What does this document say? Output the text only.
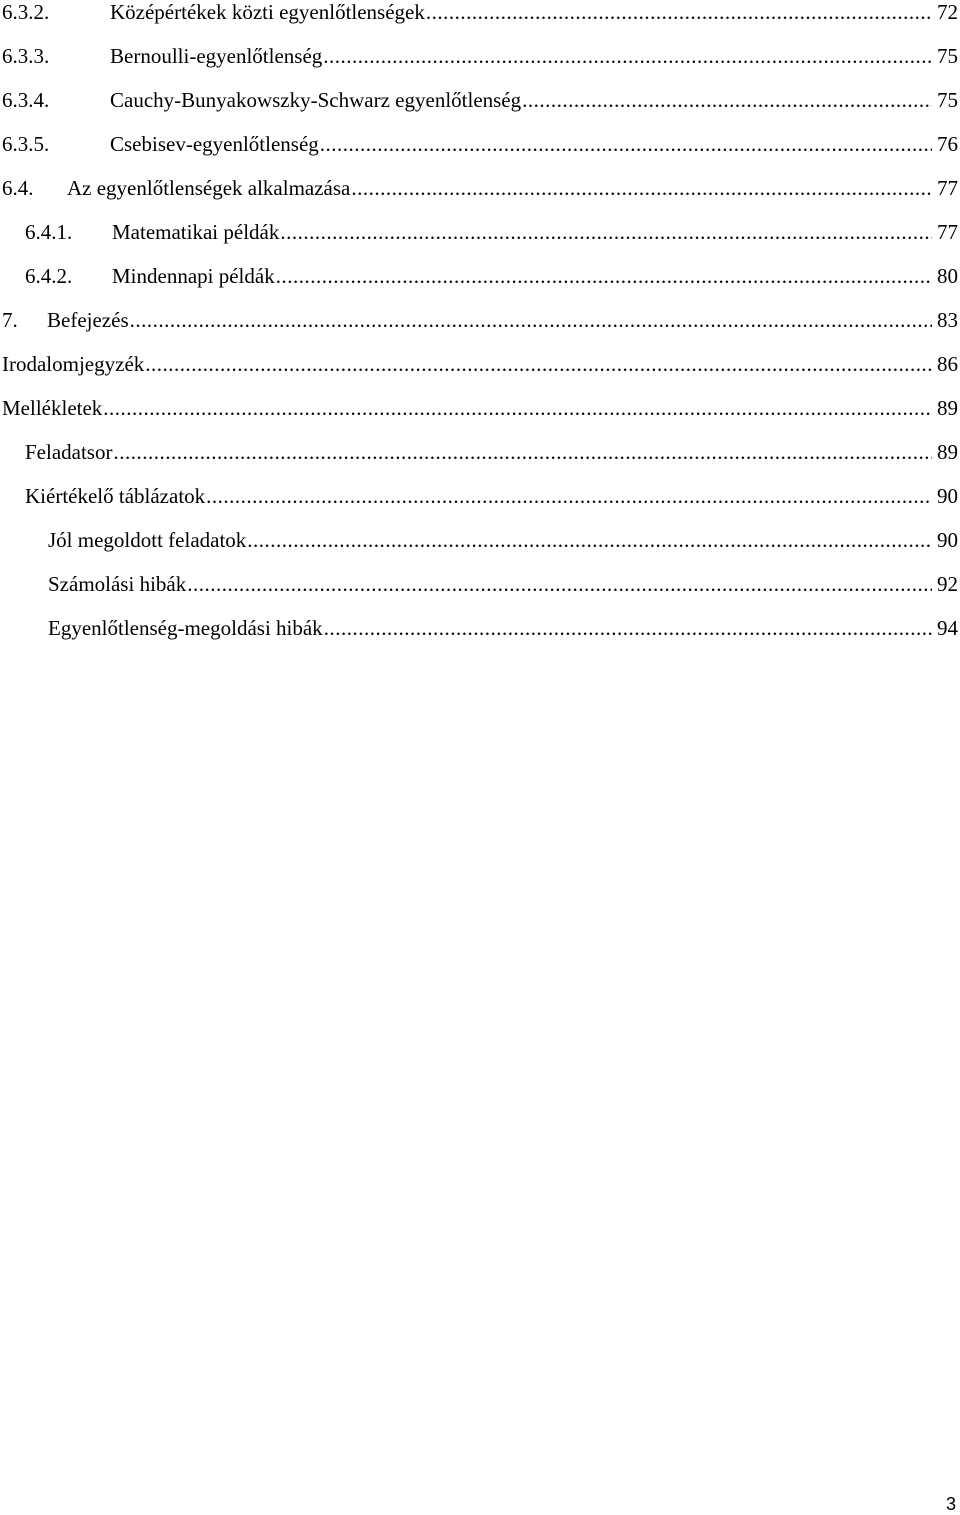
6.3.2.	Középértékek közti egyenlőtlenségek .....	72
6.3.3.	Bernoulli-egyenlőtlenség .....	75
6.3.4.	Cauchy-Bunyakowszky-Schwarz egyenlőtlenség .....	75
6.3.5.	Csebisev-egyenlőtlenség .....	76
6.4.	Az egyenlőtlenségek alkalmazása .....	77
6.4.1.	Matematikai példák .....	77
6.4.2.	Mindennapi példák .....	80
7.	Befejezés .....	83
Irodalomjegyzék .....	86
Mellékletek .....	89
Feladatsor .....	89
Kiértékelő táblázatok .....	90
Jól megoldott feladatok .....	90
Számolási hibák .....	92
Egyenlőtlenség-megoldási hibák .....	94
3
